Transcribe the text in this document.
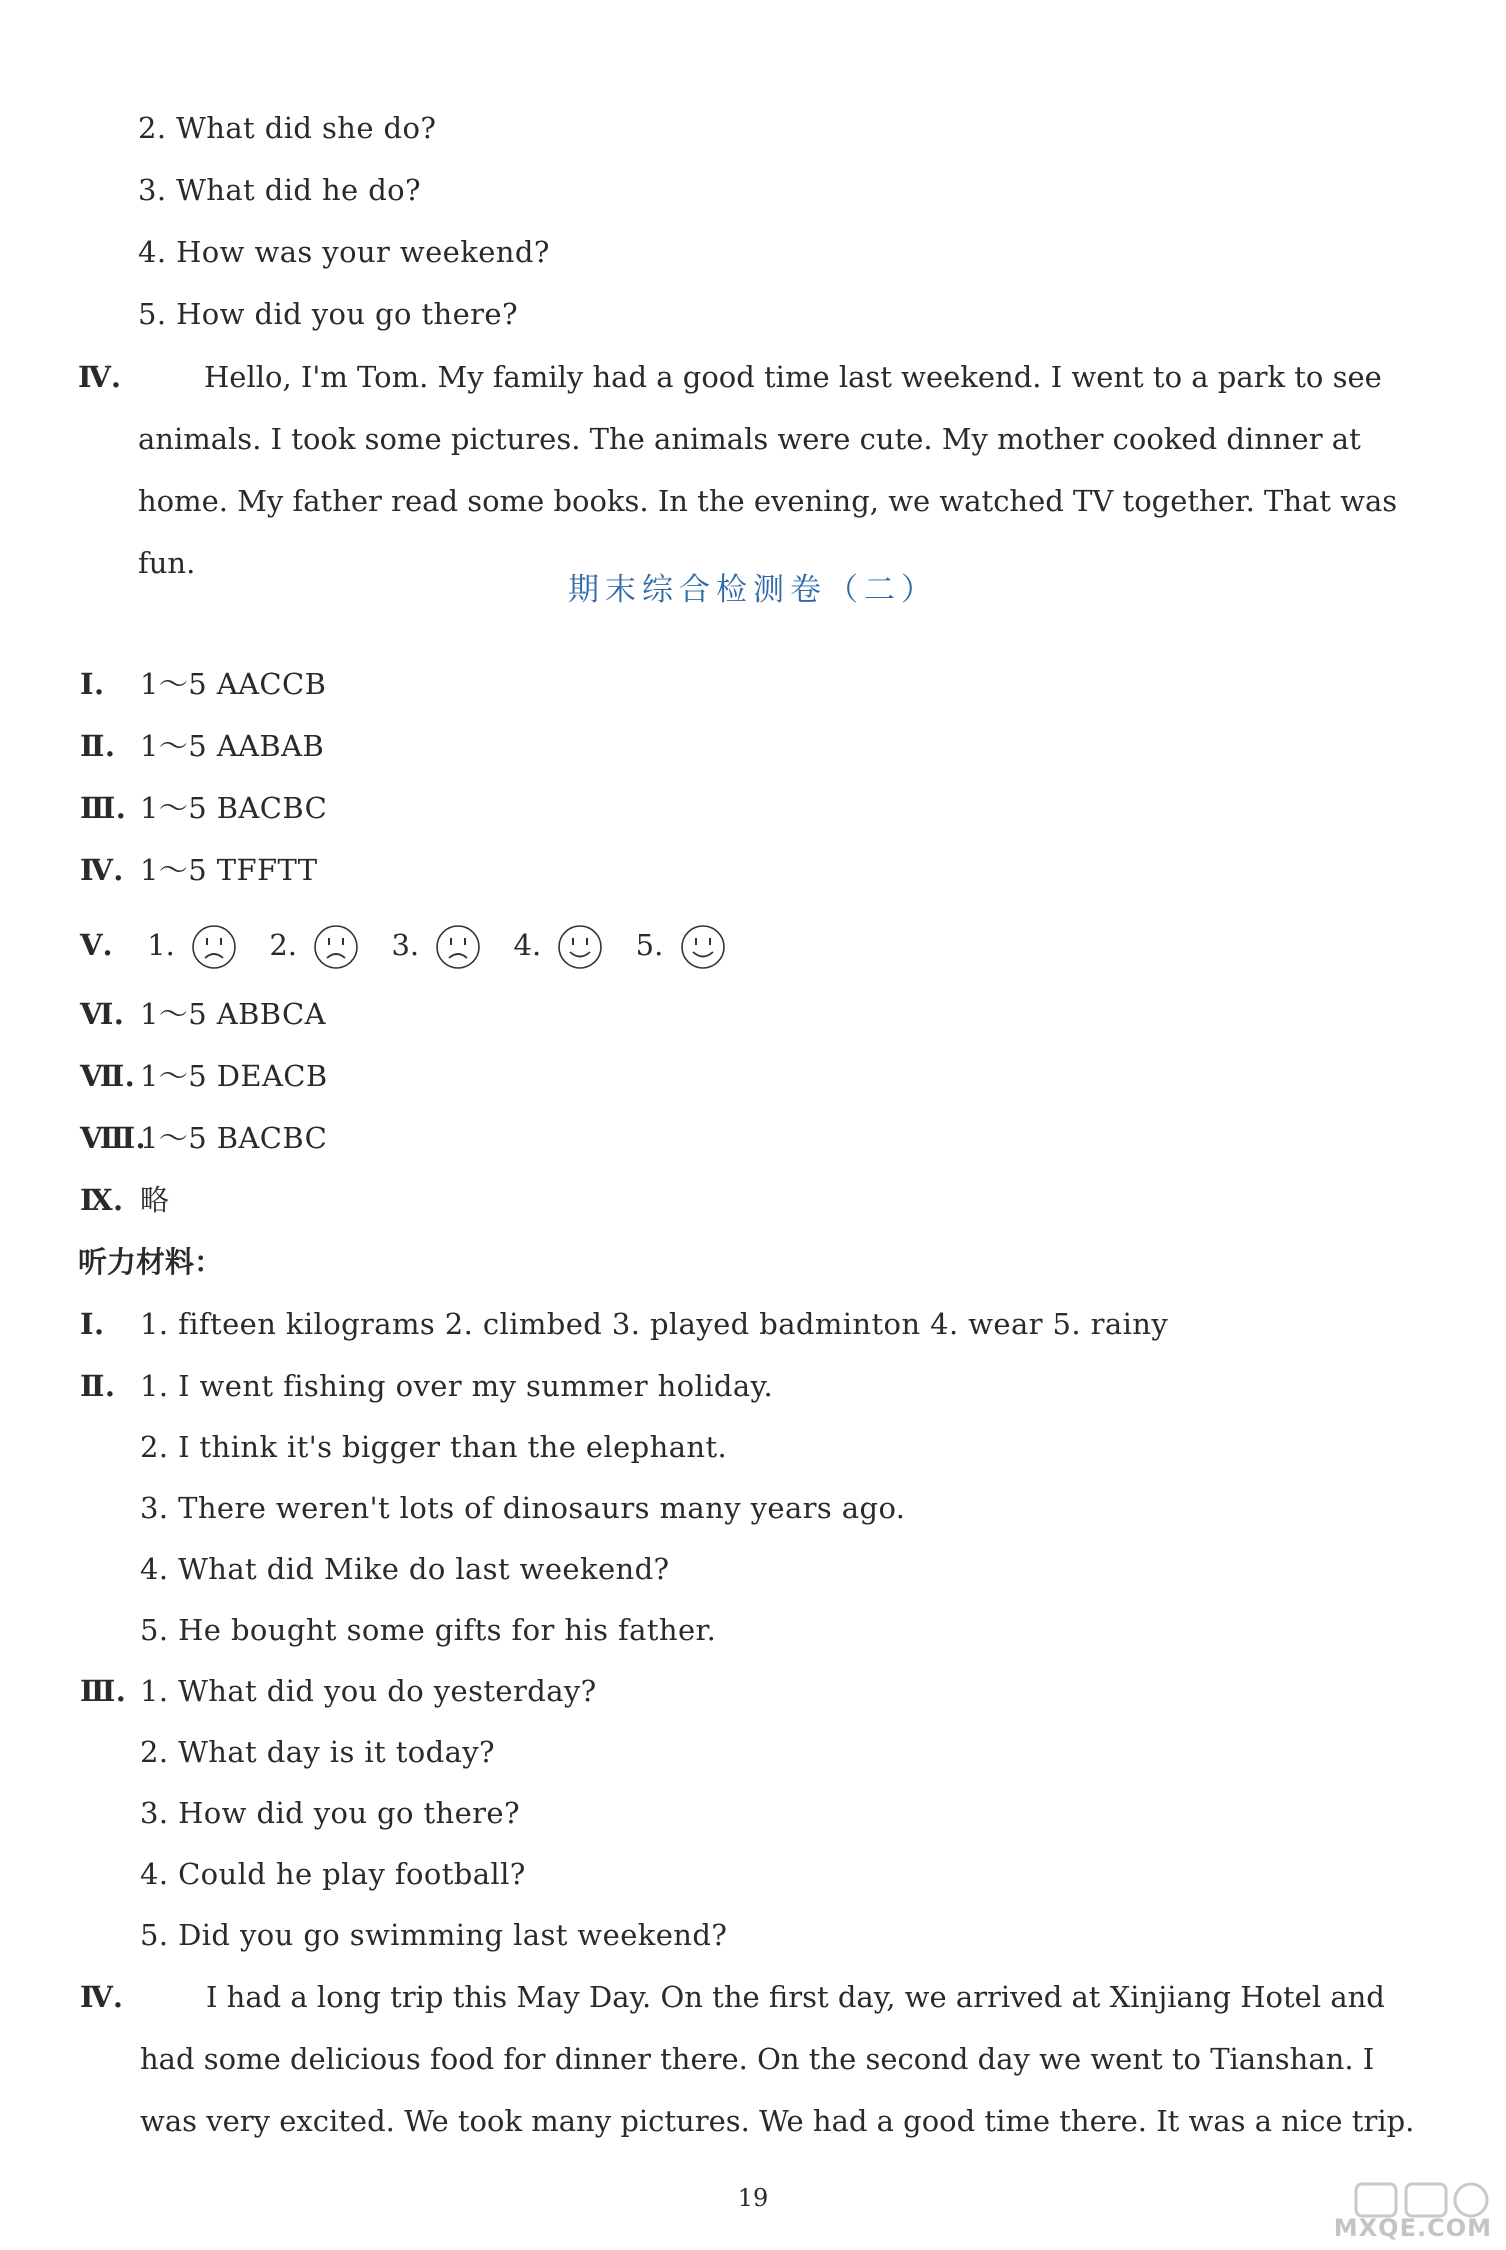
2. What did she do?
3. What did he do?
4. How was your weekend?
5. How did you go there?
Ⅳ.	Hello, I'm Tom. My family had a good time last weekend. I went to a park to see animals. I took some pictures. The animals were cute. My mother cooked dinner at home. My father read some books. In the evening, we watched TV together. That was fun.
期末综合检测卷（二）
Ⅰ. 1～5 AACCB
Ⅱ. 1～5 AABAB
Ⅲ. 1～5 BACBC
Ⅳ. 1～5 TFFTT
Ⅴ. 1.	2.	3.	4.	5.
Ⅵ. 1～5 ABBCA
Ⅶ. 1～5 DEACB
Ⅷ.1～5 BACBC
Ⅸ. 略
听力材料：
Ⅰ. 1. fifteen kilograms 2. climbed 3. played badminton 4. wear 5. rainy
Ⅱ. 1. I went fishing over my summer holiday.
2. I think it's bigger than the elephant.
3. There weren't lots of dinosaurs many years ago.
4. What did Mike do last weekend?
5. He bought some gifts for his father.
Ⅲ. 1. What did you do yesterday?
2. What day is it today?
3. How did you go there?
4. Could he play football?
5. Did you go swimming last weekend?
Ⅳ.	I had a long trip this May Day. On the first day, we arrived at Xinjiang Hotel and had some delicious food for dinner there. On the second day we went to Tianshan. I was very excited. We took many pictures. We had a good time there. It was a nice trip.
19
MXQE.COM
